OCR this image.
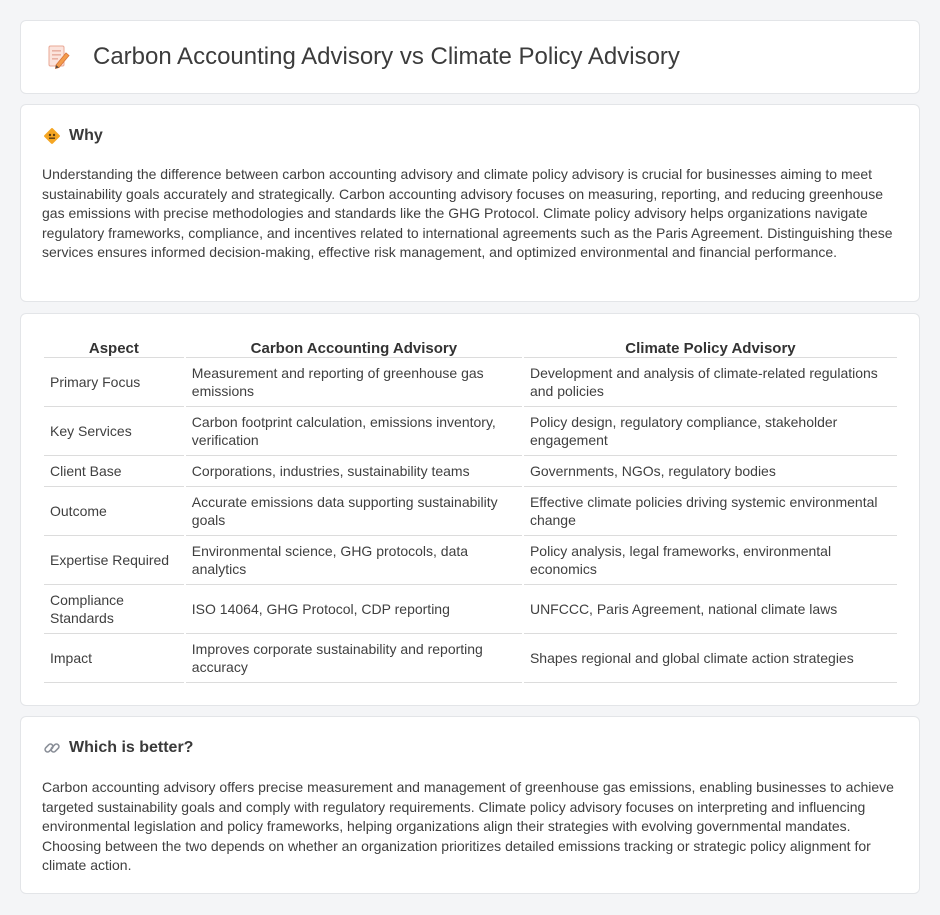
Carbon Accounting Advisory vs Climate Policy Advisory
Why

Understanding the difference between carbon accounting advisory and climate policy advisory is crucial for businesses aiming to meet sustainability goals accurately and strategically. Carbon accounting advisory focuses on measuring, reporting, and reducing greenhouse gas emissions with precise methodologies and standards like the GHG Protocol. Climate policy advisory helps organizations navigate regulatory frameworks, compliance, and incentives related to international agreements such as the Paris Agreement. Distinguishing these services ensures informed decision-making, effective risk management, and optimized environmental and financial performance.

Aspect	Carbon Accounting Advisory	Climate Policy Advisory
Primary Focus	Measurement and reporting of greenhouse gas emissions	Development and analysis of climate-related regulations and policies
Key Services	Carbon footprint calculation, emissions inventory, verification	Policy design, regulatory compliance, stakeholder engagement
Client Base	Corporations, industries, sustainability teams	Governments, NGOs, regulatory bodies
Outcome	Accurate emissions data supporting sustainability goals	Effective climate policies driving systemic environmental change
Expertise Required	Environmental science, GHG protocols, data analytics	Policy analysis, legal frameworks, environmental economics
Compliance Standards	ISO 14064, GHG Protocol, CDP reporting	UNFCCC, Paris Agreement, national climate laws
Impact	Improves corporate sustainability and reporting accuracy	Shapes regional and global climate action strategies
Which is better?

Carbon accounting advisory offers precise measurement and management of greenhouse gas emissions, enabling businesses to achieve targeted sustainability goals and comply with regulatory requirements. Climate policy advisory focuses on interpreting and influencing environmental legislation and policy frameworks, helping organizations align their strategies with evolving governmental mandates. Choosing between the two depends on whether an organization prioritizes detailed emissions tracking or strategic policy alignment for climate action.
